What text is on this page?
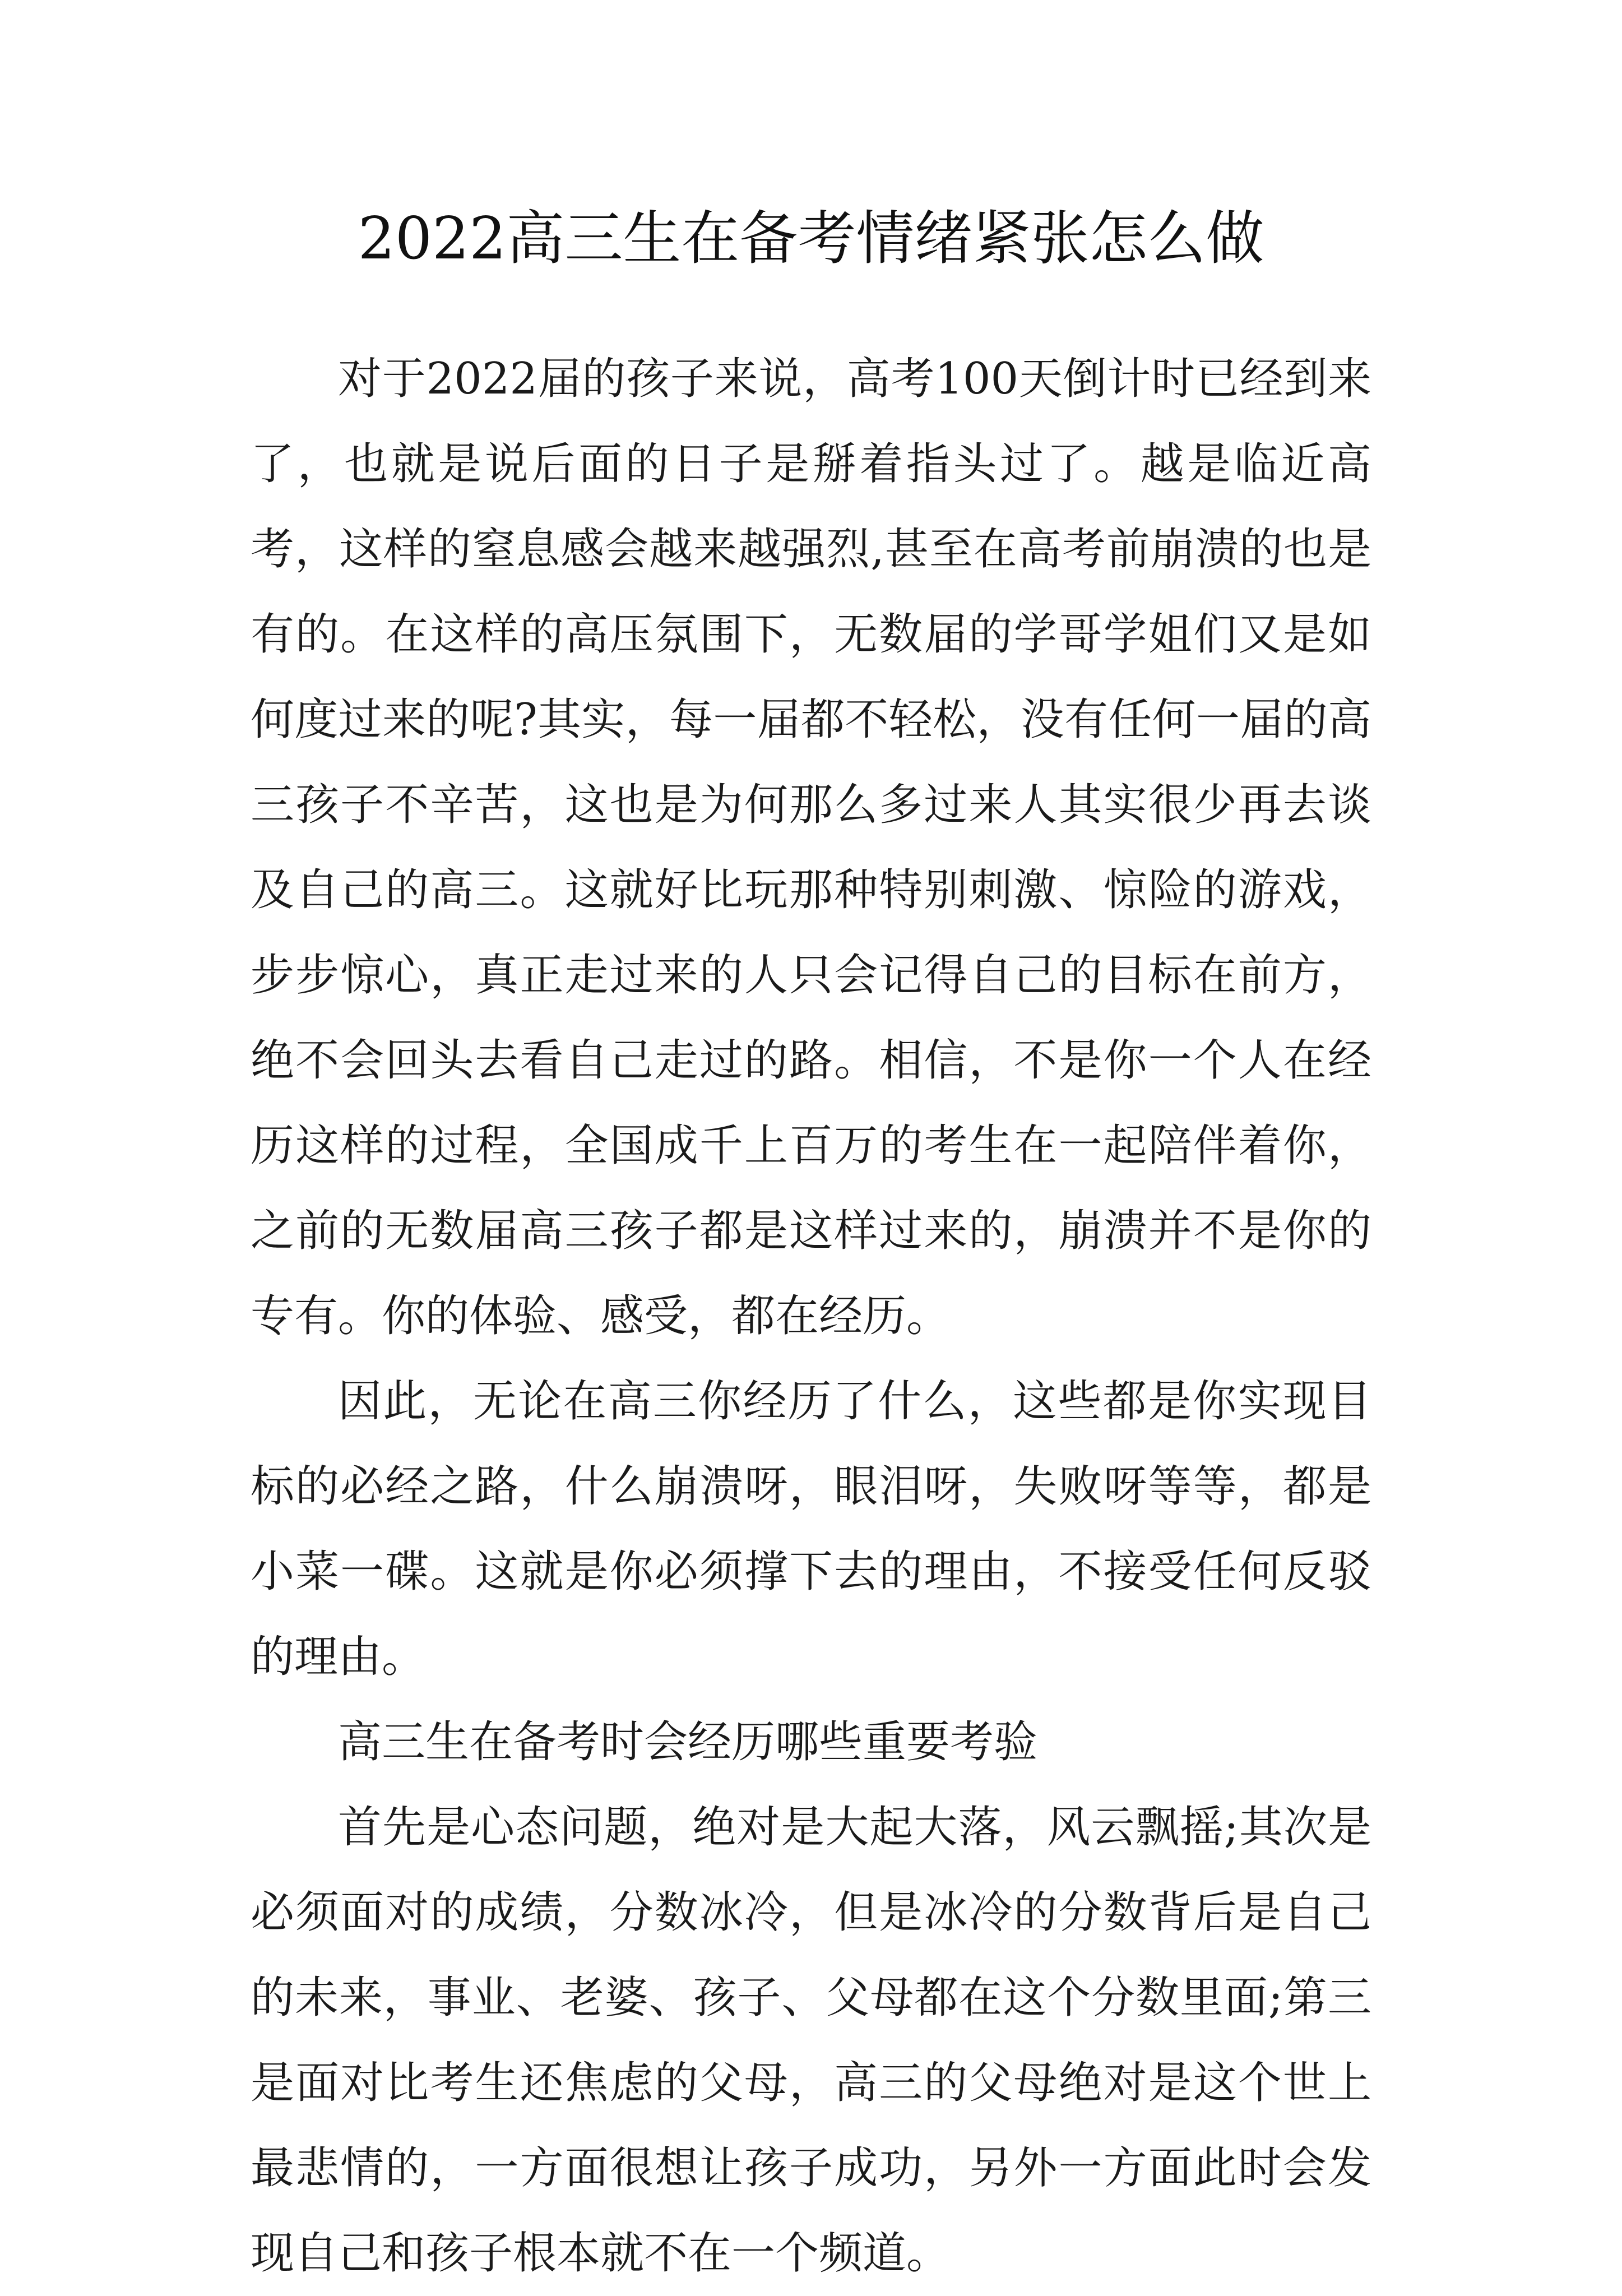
2022高三生在备考情绪紧张怎么做

对于2022届的孩子来说，高考100天倒计时已经到来了，也就是说后面的日子是掰着指头过了。越是临近高考，这样的窒息感会越来越强烈,甚至在高考前崩溃的也是有的。在这样的高压氛围下，无数届的学哥学姐们又是如何度过来的呢?其实，每一届都不轻松，没有任何一届的高三孩子不辛苦，这也是为何那么多过来人其实很少再去谈及自己的高三。这就好比玩那种特别刺激、惊险的游戏，步步惊心，真正走过来的人只会记得自己的目标在前方，绝不会回头去看自己走过的路。相信，不是你一个人在经历这样的过程，全国成千上百万的考生在一起陪伴着你，之前的无数届高三孩子都是这样过来的，崩溃并不是你的专有。你的体验、感受，都在经历。

因此，无论在高三你经历了什么，这些都是你实现目标的必经之路，什么崩溃呀，眼泪呀，失败呀等等，都是小菜一碟。这就是你必须撑下去的理由，不接受任何反驳的理由。

高三生在备考时会经历哪些重要考验

首先是心态问题，绝对是大起大落，风云飘摇;其次是必须面对的成绩，分数冰冷，但是冰冷的分数背后是自己的未来，事业、老婆、孩子、父母都在这个分数里面;第三是面对比考生还焦虑的父母，高三的父母绝对是这个世上最悲情的，一方面很想让孩子成功，另外一方面此时会发现自己和孩子根本就不在一个频道。
